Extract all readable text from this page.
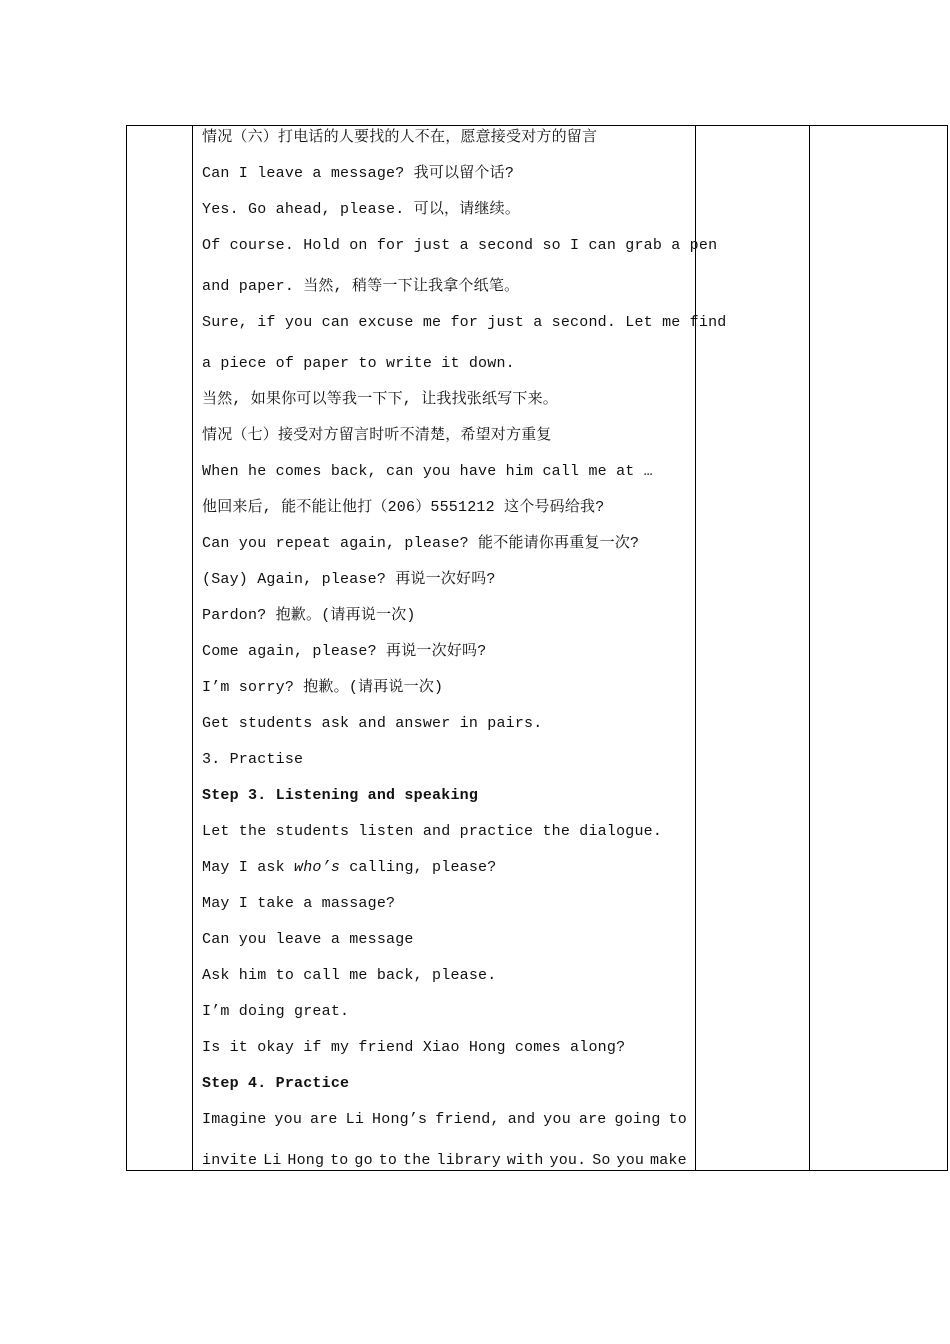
情况（六）打电话的人要找的人不在，愿意接受对方的留言
Can I leave a message? 我可以留个话?
Yes. Go ahead, please. 可以，请继续。
Of course. Hold on for just a second so I can grab a pen
and paper. 当然, 稍等一下让我拿个纸笔。
Sure, if you can excuse me for just a second. Let me find
a piece of paper to write it down.
当然, 如果你可以等我一下下, 让我找张纸写下来。
情况（七）接受对方留言时听不清楚，希望对方重复
When he comes back, can you have him call me at …
他回来后, 能不能让他打（206）5551212 这个号码给我?
Can you repeat again, please? 能不能请你再重复一次?
(Say) Again, please? 再说一次好吗?
Pardon? 抱歉。(请再说一次)
Come again, please? 再说一次好吗?
I’m sorry? 抱歉。(请再说一次)
Get students ask and answer in pairs.
3. Practise
Step 3. Listening and speaking
Let the students listen and practice the dialogue.
May I ask who’s calling, please?
May I take a massage?
Can you leave a message
Ask him to call me back, please.
I’m doing great.
Is it okay if my friend Xiao Hong comes along?
Step 4. Practice
Imagine you are Li Hong’s friend, and you are going to
invite Li Hong to go to the library with you. So you make
